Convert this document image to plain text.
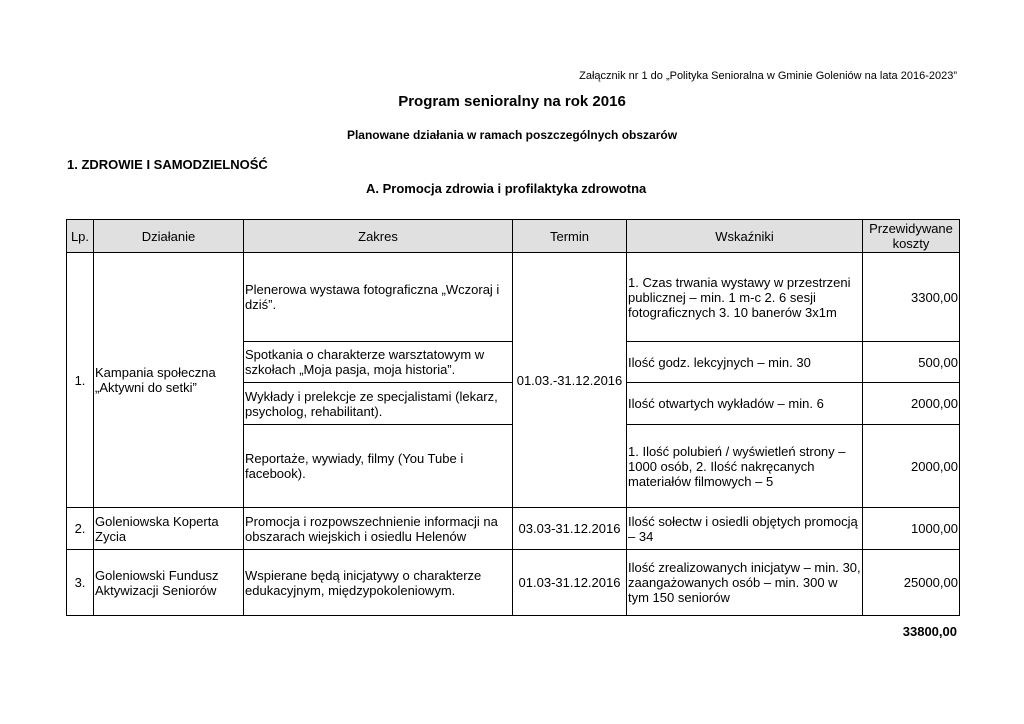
Załącznik nr 1 do „Polityka Senioralna w Gminie Goleniów na lata 2016-2023”
Program senioralny na rok 2016
Planowane działania w ramach poszczególnych obszarów
1. ZDROWIE I SAMODZIELNOŚĆ
A. Promocja zdrowia i profilaktyka zdrowotna
Lp.	Działanie	Zakres	Termin	Wskaźniki	Przewidywane koszty
1.	Kampania społeczna „Aktywni do setki”	Plenerowa wystawa fotograficzna „Wczoraj i dziś”.	01.03.-31.12.2016	1. Czas trwania wystawy w przestrzeni publicznej – min. 1 m-c 2. 6 sesji fotograficznych 3. 10 banerów 3x1m	3300,00
		Spotkania o charakterze warsztatowym w szkołach „Moja pasja, moja historia”.		Ilość godz. lekcyjnych – min. 30	500,00
		Wykłady i prelekcje ze specjalistami (lekarz, psycholog, rehabilitant).		Ilość otwartych wykładów – min. 6	2000,00
		Reportaże, wywiady, filmy (You Tube i facebook).		1. Ilość polubień / wyświetleń strony – 1000 osób, 2. Ilość nakręcanych materiałów filmowych – 5	2000,00
2.	Goleniowska Koperta Zycia	Promocja i rozpowszechnienie informacji na obszarach wiejskich i osiedlu Helenów	03.03-31.12.2016	Ilość sołectw i osiedli objętych promocją – 34	1000,00
3.	Goleniowski Fundusz Aktywizacji Seniorów	Wspierane będą inicjatywy o charakterze edukacyjnym, międzypokoleniowym.	01.03-31.12.2016	Ilość zrealizowanych inicjatyw – min. 30, zaangażowanych osób – min. 300 w tym 150 seniorów	25000,00
33800,00
